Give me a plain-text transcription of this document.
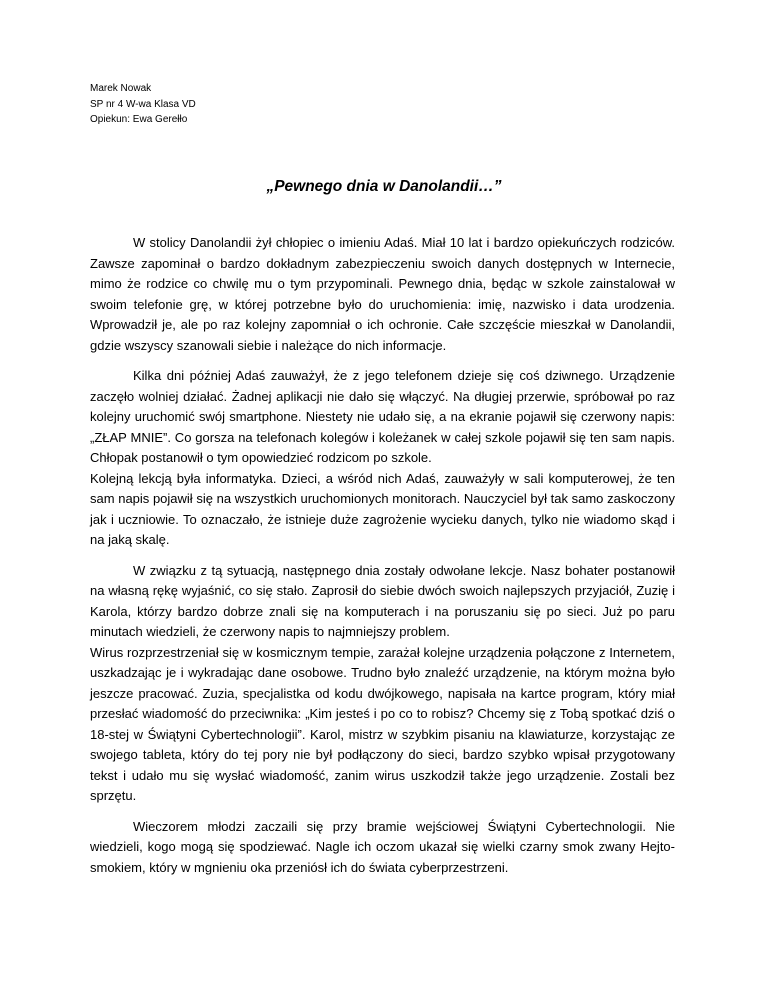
Marek Nowak
SP nr 4 W-wa Klasa VD
Opiekun: Ewa Gerełło
„Pewnego dnia w Danolandii…”

W stolicy Danolandii żył chłopiec o imieniu Adaś. Miał 10 lat i bardzo opiekuńczych rodziców. Zawsze zapominał o bardzo dokładnym zabezpieczeniu swoich danych dostępnych w Internecie, mimo że rodzice co chwilę mu o tym przypominali. Pewnego dnia, będąc w szkole zainstalował w swoim telefonie grę, w której potrzebne było do uruchomienia: imię, nazwisko i data urodzenia. Wprowadził je, ale po raz kolejny zapomniał o ich ochronie. Całe szczęście mieszkał w Danolandii, gdzie wszyscy szanowali siebie i należące do nich informacje.

Kilka dni później Adaś zauważył, że z jego telefonem dzieje się coś dziwnego. Urządzenie zaczęło wolniej działać. Żadnej aplikacji nie dało się włączyć. Na długiej przerwie, spróbował po raz kolejny uruchomić swój smartphone. Niestety nie udało się, a na ekranie pojawił się czerwony napis: „ZŁAP MNIE”. Co gorsza na telefonach kolegów i koleżanek w całej szkole pojawił się ten sam napis. Chłopak postanowił o tym opowiedzieć rodzicom po szkole.

Kolejną lekcją była informatyka. Dzieci, a wśród nich Adaś, zauważyły w sali komputerowej, że ten sam napis pojawił się na wszystkich uruchomionych monitorach. Nauczyciel był tak samo zaskoczony jak i uczniowie. To oznaczało, że istnieje duże zagrożenie wycieku danych, tylko nie wiadomo skąd i na jaką skalę.

W związku z tą sytuacją, następnego dnia zostały odwołane lekcje. Nasz bohater postanowił na własną rękę wyjaśnić, co się stało. Zaprosił do siebie dwóch swoich najlepszych przyjaciół, Zuzię i Karola, którzy bardzo dobrze znali się na komputerach i na poruszaniu się po sieci. Już po paru minutach wiedzieli, że czerwony napis to najmniejszy problem.

Wirus rozprzestrzeniał się w kosmicznym tempie, zarażał kolejne urządzenia połączone z Internetem, uszkadzając je i wykradając dane osobowe. Trudno było znaleźć urządzenie, na którym można było jeszcze pracować. Zuzia, specjalistka od kodu dwójkowego, napisała na kartce program, który miał przesłać wiadomość do przeciwnika: „Kim jesteś i po co to robisz? Chcemy się z Tobą spotkać dziś o 18-stej w Świątyni Cybertechnologii”. Karol, mistrz w szybkim pisaniu na klawiaturze, korzystając ze swojego tableta, który do tej pory nie był podłączony do sieci, bardzo szybko wpisał przygotowany tekst i udało mu się wysłać wiadomość, zanim wirus uszkodził także jego urządzenie. Zostali bez sprzętu.

Wieczorem młodzi zaczaili się przy bramie wejściowej Świątyni Cybertechnologii. Nie wiedzieli, kogo mogą się spodziewać. Nagle ich oczom ukazał się wielki czarny smok zwany Hejto-smokiem, który w mgnieniu oka przeniósł ich do świata cyberprzestrzeni.
